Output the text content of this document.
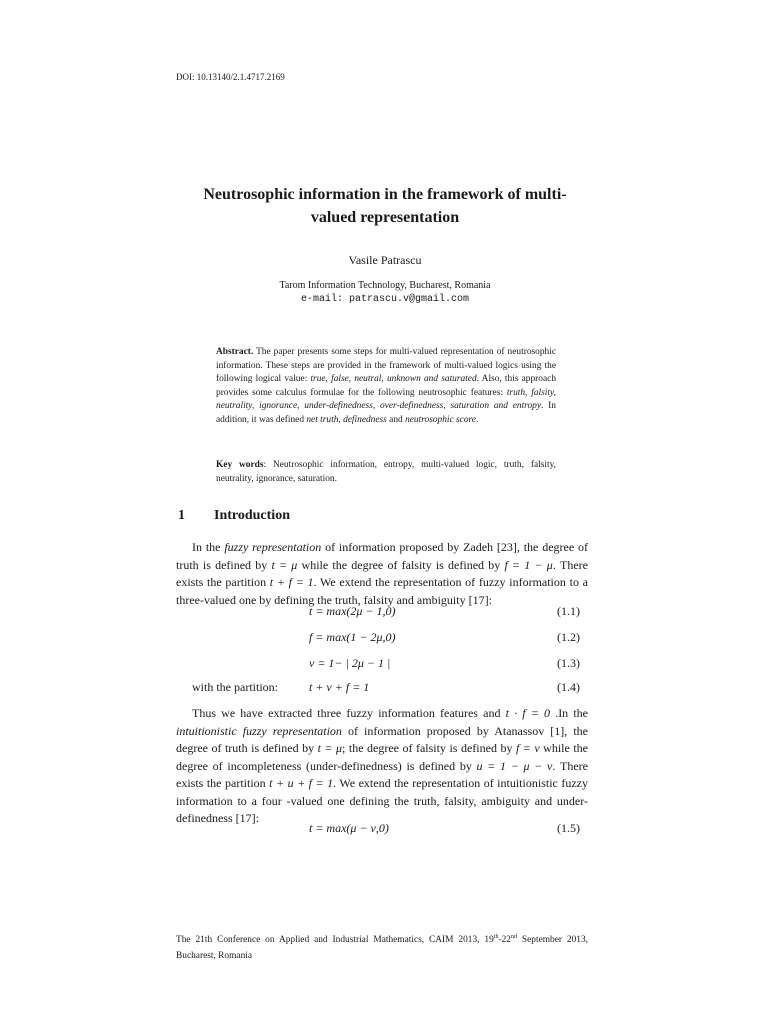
DOI: 10.13140/2.1.4717.2169
Neutrosophic information in the framework of multi-
valued representation
Vasile Patrascu
Tarom Information Technology, Bucharest, Romania
e-mail: patrascu.v@gmail.com
Abstract. The paper presents some steps for multi-valued representation of neutrosophic information. These steps are provided in the framework of multi-valued logics using the following logical value: true, false, neutral, unknown and saturated. Also, this approach provides some calculus formulae for the following neutrosophic features: truth, falsity, neutrality, ignorance, under-definedness, over-definedness, saturation and entropy. In addition, it was defined net truth, definedness and neutrosophic score.
Key words: Neutrosophic information, entropy, multi-valued logic, truth, falsity, neutrality, ignorance, saturation.
1 Introduction
In the fuzzy representation of information proposed by Zadeh [23], the degree of truth is defined by t = μ while the degree of falsity is defined by f = 1 − μ. There exists the partition t + f = 1. We extend the representation of fuzzy information to a three-valued one by defining the truth, falsity and ambiguity [17]:
t = max(2μ − 1,0)	(1.1)
f = max(1 − 2μ,0)	(1.2)
ν = 1− | 2μ − 1 |	(1.3)
with the partition:	t + ν + f = 1	(1.4)
Thus we have extracted three fuzzy information features and t · f = 0 .In the intuitionistic fuzzy representation of information proposed by Atanassov [1], the degree of truth is defined by t = μ; the degree of falsity is defined by f = ν while the degree of incompleteness (under-definedness) is defined by u = 1 − μ − ν. There exists the partition t + u + f = 1. We extend the representation of intuitionistic fuzzy information to a four -valued one defining the truth, falsity, ambiguity and under-definedness [17]:
t = max(μ − ν,0)	(1.5)
The 21th Conference on Applied and Industrial Mathematics, CAIM 2013, 19th-22nd September 2013, Bucharest, Romania
